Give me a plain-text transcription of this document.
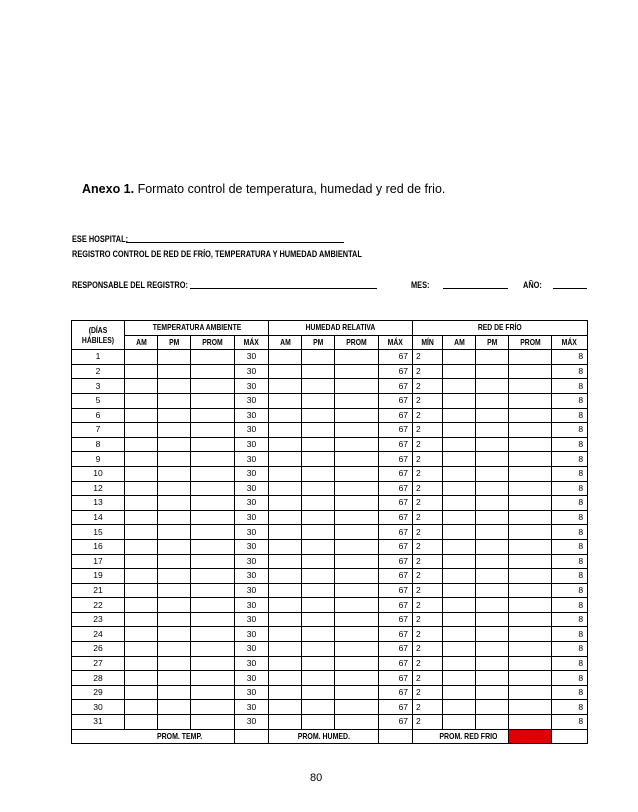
Anexo 1. Formato control de temperatura, humedad y red de frio.
ESE HOSPITAL:
REGISTRO CONTROL DE RED DE FRÍO, TEMPERATURA Y HUMEDAD AMBIENTAL
RESPONSABLE DEL REGISTRO:	MES:	AÑO:
(DÍAS HÁBILES)	TEMPERATURA AMBIENTE				HUMEDAD RELATIVA				RED DE FRÍO				
	AM	PM	PROM	MÁX	AM	PM	PROM	MÁX	MÍN	AM	PM	PROM	MÁX
1				30				67	2				8
2				30				67	2				8
3				30				67	2				8
5				30				67	2				8
6				30				67	2				8
7				30				67	2				8
8				30				67	2				8
9				30				67	2				8
10				30				67	2				8
12				30				67	2				8
13				30				67	2				8
14				30				67	2				8
15				30				67	2				8
16				30				67	2				8
17				30				67	2				8
19				30				67	2				8
21				30				67	2				8
22				30				67	2				8
23				30				67	2				8
24				30				67	2				8
26				30				67	2				8
27				30				67	2				8
28				30				67	2				8
29				30				67	2				8
30				30				67	2				8
31				30				67	2				8
	PROM. TEMP.				PROM. HUMED.				PROM. RED FRIO				
80
